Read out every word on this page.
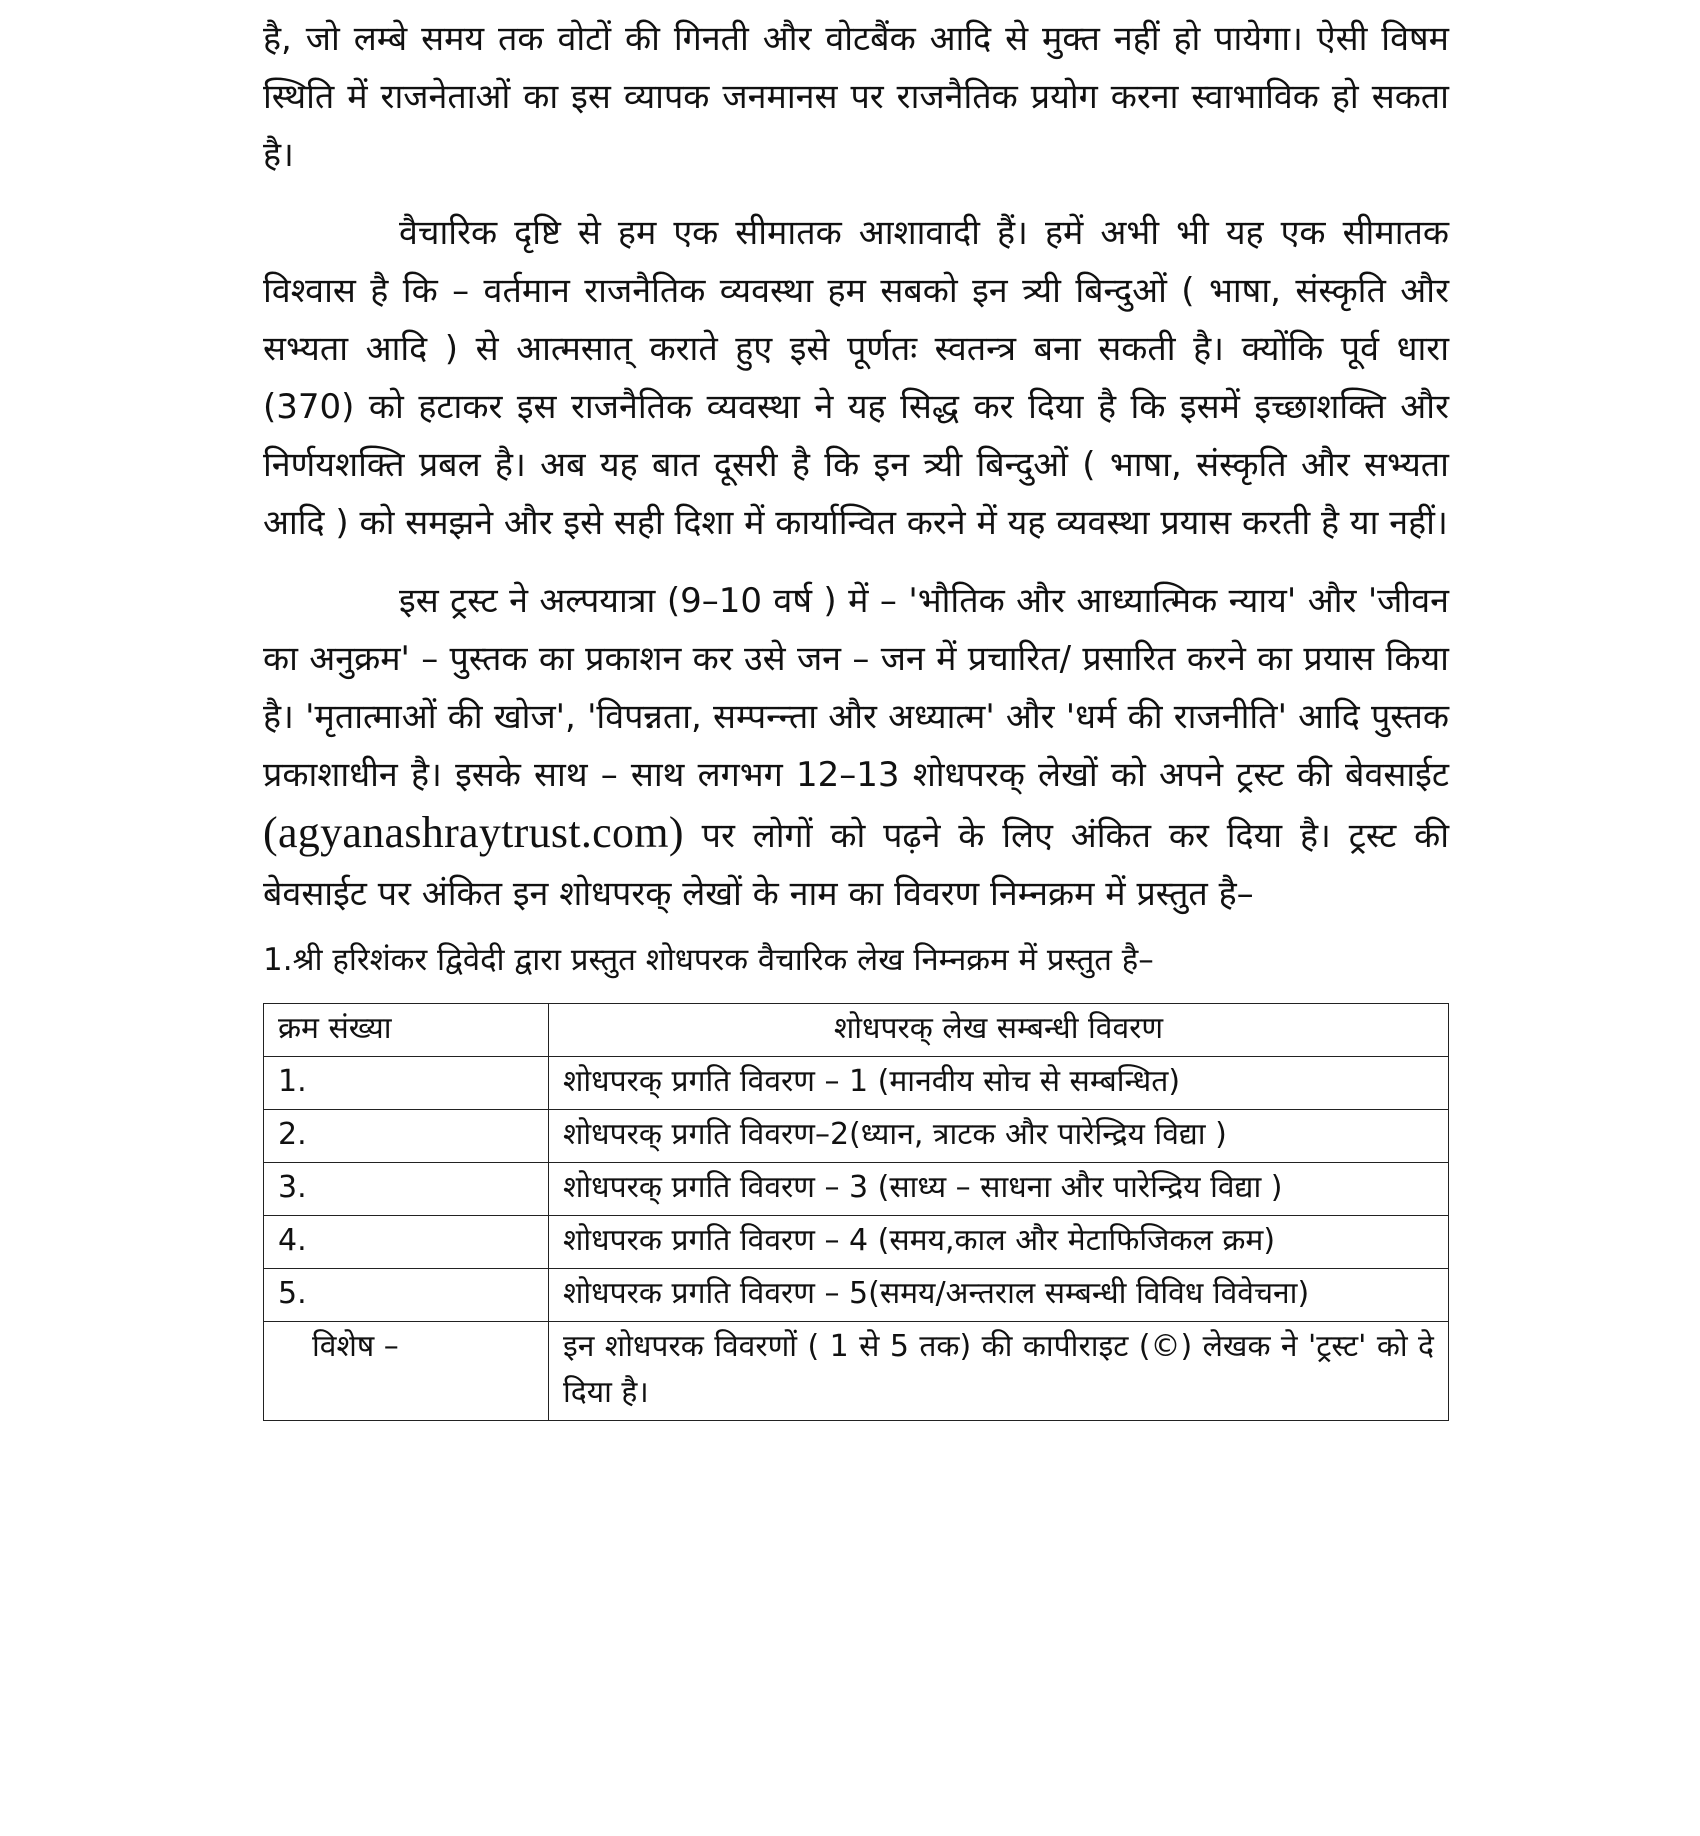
है, जो लम्बे समय तक वोटों की गिनती और वोटबैंक आदि से मुक्त नहीं हो पायेगा। ऐसी विषम स्थिति में राजनेताओं का इस व्यापक जनमानस पर राजनैतिक प्रयोग करना स्वाभाविक हो सकता है।

वैचारिक दृष्टि से हम एक सीमातक आशावादी हैं। हमें अभी भी यह एक सीमातक विश्वास है कि – वर्तमान राजनैतिक व्यवस्था हम सबको इन त्र्यी बिन्दुओं ( भाषा, संस्कृति और सभ्यता आदि ) से आत्मसात् कराते हुए इसे पूर्णतः स्वतन्त्र बना सकती है। क्योंकि पूर्व धारा (370) को हटाकर इस राजनैतिक व्यवस्था ने यह सिद्ध कर दिया है कि इसमें इच्छाशक्ति और निर्णयशक्ति प्रबल है। अब यह बात दूसरी है कि इन त्र्यी बिन्दुओं ( भाषा, संस्कृति और सभ्यता आदि ) को समझने और इसे सही दिशा में कार्यान्वित करने में यह व्यवस्था प्रयास करती है या नहीं।

इस ट्रस्ट ने अल्पयात्रा (9–10 वर्ष ) में – 'भौतिक और आध्यात्मिक न्याय' और 'जीवन का अनुक्रम' – पुस्तक का प्रकाशन कर उसे जन – जन में प्रचारित/ प्रसारित करने का प्रयास किया है। 'मृतात्माओं की खोज', 'विपन्नता, सम्पन्न्ता और अध्यात्म' और 'धर्म की राजनीति' आदि पुस्तक प्रकाशाधीन है। इसके साथ – साथ लगभग 12–13 शोधपरक् लेखों को अपने ट्रस्ट की बेवसाईट (agyanashraytrust.com) पर लोगों को पढ़ने के लिए अंकित कर दिया है। ट्रस्ट की बेवसाईट पर अंकित इन शोधपरक् लेखों के नाम का विवरण निम्नक्रम में प्रस्तुत है–

1.श्री हरिशंकर द्विवेदी द्वारा प्रस्तुत शोधपरक वैचारिक लेख निम्नक्रम में प्रस्तुत है–

क्रम संख्या	शोधपरक् लेख सम्बन्धी विवरण
1.	शोधपरक् प्रगति विवरण – 1 (मानवीय सोच से सम्बन्धित)
2.	शोधपरक् प्रगति विवरण–2(ध्यान, त्राटक और पारेन्द्रिय विद्या )
3.	शोधपरक् प्रगति विवरण – 3 (साध्य – साधना और पारेन्द्रिय विद्या )
4.	शोधपरक प्रगति विवरण – 4 (समय,काल और मेटाफिजिकल क्रम)
5.	शोधपरक प्रगति विवरण – 5(समय/अन्तराल सम्बन्धी विविध विवेचना)
विशेष –	इन शोधपरक विवरणों ( 1 से 5 तक) की कापीराइट (©) लेखक ने 'ट्रस्ट' को दे दिया है।
